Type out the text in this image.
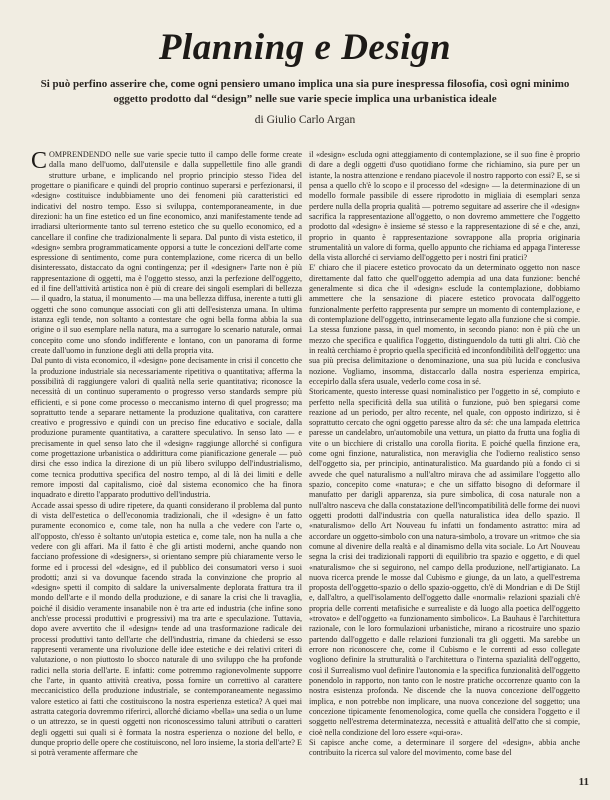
Planning e Design
Si può perfino asserire che, come ogni pensiero umano implica una sia pure inespressa filosofia, così ogni minimo oggetto prodotto dal “design” nelle sue varie specie implica una urbanistica ideale
di Giulio Carlo Argan

COMPRENDENDO nelle sue varie specie tutto il campo delle forme create dalla mano dell'uomo, dall'utensile e dalla suppellettile fino alle grandi strutture urbane, e implicando nel proprio principio stesso l'idea del progettare o pianificare e quindi del proprio continuo superarsi e perfezionarsi, il «design» costituisce indubbiamente uno dei fenomeni più caratteristici ed indicativi del nostro tempo. Esso si sviluppa, contemporaneamente, in due direzioni: ha un fine estetico ed un fine economico, anzi manifestamente tende ad irradiarsi ulteriormente tanto sul terreno estetico che su quello economico, ed a cancellare il confine che tradizionalmente li separa. Dal punto di vista estetico, il «design» sembra programmaticamente opporsi a tutte le concezioni dell'arte come espressione di sentimento, come pura contemplazione, come ricerca di un bello disinteressato, distaccato da ogni contingenza; per il «designer» l'arte non è più rappresentazione di oggetti, ma è l'oggetto stesso, anzi la perfezione dell'oggetto, ed il fine dell'attività artistica non è più di creare dei singoli esemplari di bellezza — il quadro, la statua, il monumento — ma una bellezza diffusa, inerente a tutti gli oggetti che sono comunque associati con gli atti dell'esistenza umana. In ultima istanza egli tende, non soltanto a contestare che ogni bella forma abbia la sua origine o il suo esemplare nella natura, ma a surrogare lo scenario naturale, ormai concepito come uno sfondo indifferente e lontano, con un panorama di forme create dall'uomo in funzione degli atti della propria vita.

Dal punto di vista economico, il «design» pone decisamente in crisi il concetto che la produzione industriale sia necessariamente ripetitiva o quantitativa; afferma la possibilità di raggiungere valori di qualità nella serie quantitativa; riconosce la necessità di un continuo superamento o progresso verso standards sempre più efficienti, e si pone come processo o meccanismo interno di quel progresso; ma soprattutto tende a separare nettamente la produzione qualitativa, con carattere creativo e progressivo e quindi con un preciso fine educativo e sociale, dalla produzione puramente quantitativa, a carattere speculativo. In senso lato — e precisamente in quel senso lato che il «design» raggiunge allorché si configura come progettazione urbanistica o addirittura come pianificazione generale — può dirsi che esso indica la direzione di un più libero sviluppo dell'industrialismo, come tecnica produttiva specifica del nostro tempo, al di là dei limiti e delle remore imposti dal capitalismo, cioè dal sistema economico che ha finora inquadrato e diretto l'apparato produttivo dell'industria.

Accade assai spesso di udire ripetere, da quanti considerano il problema dal punto di vista dell'estetica o dell'economia tradizionali, che il «design» è un fatto puramente economico e, come tale, non ha nulla a che vedere con l'arte o, all'opposto, ch'esso è soltanto un'utopia estetica e, come tale, non ha nulla a che vedere con gli affari. Ma il fatto è che gli artisti moderni, anche quando non facciano professione di «designers», si orientano sempre più chiaramente verso le forme ed i processi del «design», ed il pubblico dei consumatori verso i suoi prodotti; anzi si va dovunque facendo strada la convinzione che proprio al «design» spetti il compito di saldare la universalmente deplorata frattura tra il mondo dell'arte e il mondo della produzione, e di sanare la crisi che li travaglia, poiché il disidio veramente insanabile non è tra arte ed industria (che infine sono anch'esse processi produttivi e progressivi) ma tra arte e speculazione. Tuttavia, dopo avere avvertito che il «design» tende ad una trasformazione radicale dei processi produttivi tanto dell'arte che dell'industria, rimane da chiedersi se esso rappresenti veramente una rivoluzione delle idee estetiche e dei relativi criteri di valutazione, o non piuttosto lo sbocco naturale di uno sviluppo che ha profonde radici nella storia dell'arte. E infatti: come potremmo ragionevolmente supporre che l'arte, in quanto attività creativa, possa fornire un correttivo al carattere meccanicistico della produzione industriale, se contemporaneamente negassimo valore estetico ai fatti che costituiscono la nostra esperienza estetica? A quei mai astratta categoria dovremmo riferirci, allorché diciamo «bella» una sedia o un lume o un attrezzo, se in questi oggetti non riconoscessimo taluni attributi o caratteri degli oggetti sui quali si è formata la nostra esperienza o nozione del bello, e dunque proprio delle opere che costituiscono, nel loro insieme, la storia dell'arte? E si potrà veramente affermare che

il «design» escluda ogni atteggiamento di contemplazione, se il suo fine è proprio di dare a degli oggetti d'uso quotidiano forme che richiamino, sia pure per un istante, la nostra attenzione e rendano piacevole il nostro rapporto con essi? E, se si pensa a quello ch'è lo scopo e il processo del «design» — la determinazione di un modello formale passibile di essere riprodotto in migliaia di esemplari senza perdere nulla della propria qualità — potremo seguitare ad asserire che il «design» sacrifica la rappresentazione all'oggetto, o non dovremo ammettere che l'oggetto prodotto dal «design» è insieme sé stesso e la rappresentazione di sé e che, anzi, proprio in quanto è rappresentazione sovrappone alla propria originaria strumentalità un valore di forma, quello appunto che richiama ed appaga l'interesse della vista allorché ci serviamo dell'oggetto per i nostri fini pratici?

E' chiaro che il piacere estetico provocato da un determinato oggetto non nasce direttamente dal fatto che quell'oggetto adempia ad una data funzione: benché generalmente si dica che il «design» esclude la contemplazione, dobbiamo ammettere che la sensazione di piacere estetico provocata dall'oggetto funzionalmente perfetto rappresenta pur sempre un momento di contemplazione, e di contemplazione dell'oggetto, intrinsecamente legato alla funzione che si compie. La stessa funzione passa, in quel momento, in secondo piano: non è più che un mezzo che specifica e qualifica l'oggetto, distinguendolo da tutti gli altri. Ciò che in realtà cerchiamo è proprio quella specificità ed inconfondibilità dell'oggetto: una sua più precisa delimitazione o denominazione, una sua più lucida e conclusiva nozione. Vogliamo, insomma, distaccarlo dalla nostra esperienza empirica, eccepirlo dalla sfera usuale, vederlo come cosa in sé.

Storicamente, questo interesse quasi nominalistico per l'oggetto in sé, compiuto e perfetto nella specificità della sua utilità o funzione, può ben spiegarsi come reazione ad un periodo, per altro recente, nel quale, con opposto indirizzo, si è soprattutto cercato che ogni oggetto paresse altro da sé: che una lampada elettrica paresse un candelabro, un'automobile una vettura, un piatto da frutta una foglia di vite o un bicchiere di cristallo una corolla fiorita. E poiché quella finzione era, come ogni finzione, naturalistica, non meraviglia che l'odierno realistico senso dell'oggetto sia, per principio, antinaturalistico. Ma guardando più a fondo ci si avvede che quel naturalismo a null'altro mirava che ad assimilare l'oggetto allo spazio, concepito come «natura»; e che un siffatto bisogno di deformare il manufatto per darigli apparenza, sia pure simbolica, di cosa naturale non a null'altro nasceva che dalla constatazione dell'incompatibilità delle forme dei nuovi oggetti prodotti dall'industria con quella naturalistica idea dello spazio. Il «naturalismo» dello Art Nouveau fu infatti un fondamento astratto: mira ad accordare un oggetto-simbolo con una natura-simbolo, a trovare un «ritmo» che sia comune al divenire della realtà e al dinamismo della vita sociale. Lo Art Nouveau segna la crisi dei tradizionali rapporti di equilibrio tra spazio e oggetto, e di quel «naturalismo» che si seguirono, nel campo della produzione, nell'artigianato. La nuova ricerca prende le mosse dal Cubismo e giunge, da un lato, a quell'estrema proposta dell'oggetto-spazio o dello spazio-oggetto, ch'è di Mondrian e di De Stijl e, dall'altro, a quell'isolamento dell'oggetto dalle «normali» relazioni spaziali ch'è propria delle correnti metafisiche e surrealiste e dà luogo alla poetica dell'oggetto «trovato» e dell'oggetto «a funzionamento simbolico». La Bauhaus è l'architettura razionale, con le loro formulazioni urbanistiche, mirano a ricostruire uno spazio partendo dall'oggetto e dalle relazioni funzionali tra gli oggetti. Ma sarebbe un errore non riconoscere che, come il Cubismo e le correnti ad esso collegate vogliono definire la strutturalità o l'architettura o l'interna spazialità dell'oggetto, così il Surrealismo vuol definire l'autonomia e la specifica funzionalità dell'oggetto ponendolo in rapporto, non tanto con le nostre pratiche occorrenze quanto con la nostra esistenza profonda. Ne discende che la nuova concezione dell'oggetto implica, e non potrebbe non implicare, una nuova concezione del soggetto; una concezione tipicamente fenomenologica, come quella che considera l'oggetto e il soggetto nell'estrema determinatezza, necessità e attualità dell'atto che si compie, cioè nella condizione del loro essere «qui-ora».

Si capisce anche come, a determinare il sorgere del «design», abbia anche contribuito la ricerca sul valore del movimento, come base del

11
